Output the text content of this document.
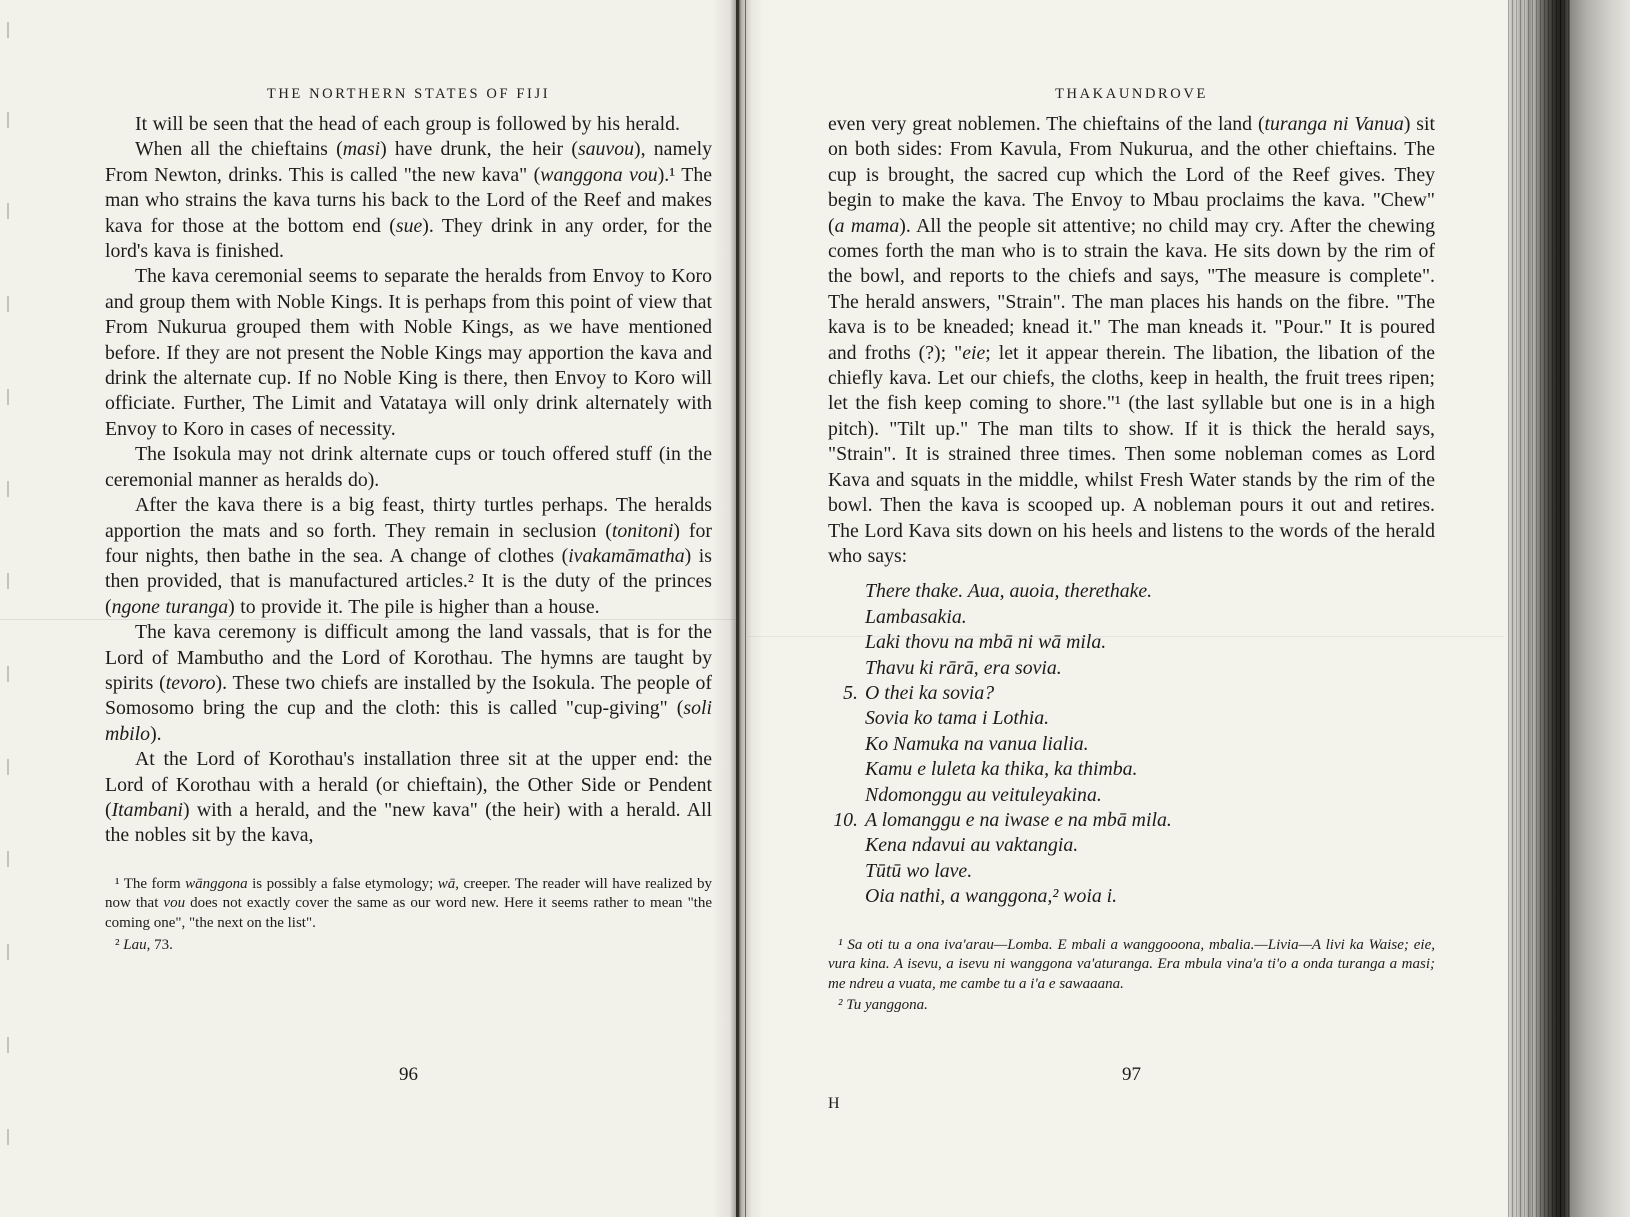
THE NORTHERN STATES OF FIJI

It will be seen that the head of each group is followed by his herald.

When all the chieftains (masi) have drunk, the heir (sauvou), namely From Newton, drinks. This is called "the new kava" (wanggona vou).¹ The man who strains the kava turns his back to the Lord of the Reef and makes kava for those at the bottom end (sue). They drink in any order, for the lord's kava is finished.

The kava ceremonial seems to separate the heralds from Envoy to Koro and group them with Noble Kings. It is perhaps from this point of view that From Nukurua grouped them with Noble Kings, as we have mentioned before. If they are not present the Noble Kings may apportion the kava and drink the alternate cup. If no Noble King is there, then Envoy to Koro will officiate. Further, The Limit and Vatataya will only drink alternately with Envoy to Koro in cases of necessity.

The Isokula may not drink alternate cups or touch offered stuff (in the ceremonial manner as heralds do).

After the kava there is a big feast, thirty turtles perhaps. The heralds apportion the mats and so forth. They remain in seclusion (tonitoni) for four nights, then bathe in the sea. A change of clothes (ivakamāmatha) is then provided, that is manufactured articles.² It is the duty of the princes (ngone turanga) to provide it. The pile is higher than a house.

The kava ceremony is difficult among the land vassals, that is for the Lord of Mambutho and the Lord of Korothau. The hymns are taught by spirits (tevoro). These two chiefs are installed by the Isokula. The people of Somosomo bring the cup and the cloth: this is called "cup-giving" (soli mbilo).

At the Lord of Korothau's installation three sit at the upper end: the Lord of Korothau with a herald (or chieftain), the Other Side or Pendent (Itambani) with a herald, and the "new kava" (the heir) with a herald. All the nobles sit by the kava,

¹ The form wānggona is possibly a false etymology; wā, creeper. The reader will have realized by now that vou does not exactly cover the same as our word new. Here it seems rather to mean "the coming one", "the next on the list".

² Lau, 73.

96
THAKAUNDROVE

even very great noblemen. The chieftains of the land (turanga ni Vanua) sit on both sides: From Kavula, From Nukurua, and the other chieftains. The cup is brought, the sacred cup which the Lord of the Reef gives. They begin to make the kava. The Envoy to Mbau proclaims the kava. "Chew" (a mama). All the people sit attentive; no child may cry. After the chewing comes forth the man who is to strain the kava. He sits down by the rim of the bowl, and reports to the chiefs and says, "The measure is complete". The herald answers, "Strain". The man places his hands on the fibre. "The kava is to be kneaded; knead it." The man kneads it. "Pour." It is poured and froths (?); "eie; let it appear therein. The libation, the libation of the chiefly kava. Let our chiefs, the cloths, keep in health, the fruit trees ripen; let the fish keep coming to shore."¹ (the last syllable but one is in a high pitch). "Tilt up." The man tilts to show. If it is thick the herald says, "Strain". It is strained three times. Then some nobleman comes as Lord Kava and squats in the middle, whilst Fresh Water stands by the rim of the bowl. Then the kava is scooped up. A nobleman pours it out and retires. The Lord Kava sits down on his heels and listens to the words of the herald who says:

There thake. Aua, auoia, therethake.
Lambasakia.
Laki thovu na mbā ni wā mila.
Thavu ki rārā, era sovia.
5. O thei ka sovia?
Sovia ko tama i Lothia.
Ko Namuka na vanua lialia.
Kamu e luleta ka thika, ka thimba.
Ndomonggu au veituleyakina.
10. A lomanggu e na iwase e na mbā mila.
Kena ndavui au vaktangia.
Tūtū wo lave.
Oia nathi, a wanggona,² woia i.

¹ Sa oti tu a ona iva'arau—Lomba. E mbali a wanggooona, mbalia.—Livia—A livi ka Waise; eie, vura kina. A isevu, a isevu ni wanggona va'aturanga. Era mbula vina'a ti'o a onda turanga a masi; me ndreu a vuata, me cambe tu a i'a e sawaaana.

² Tu yanggona.

97
H
